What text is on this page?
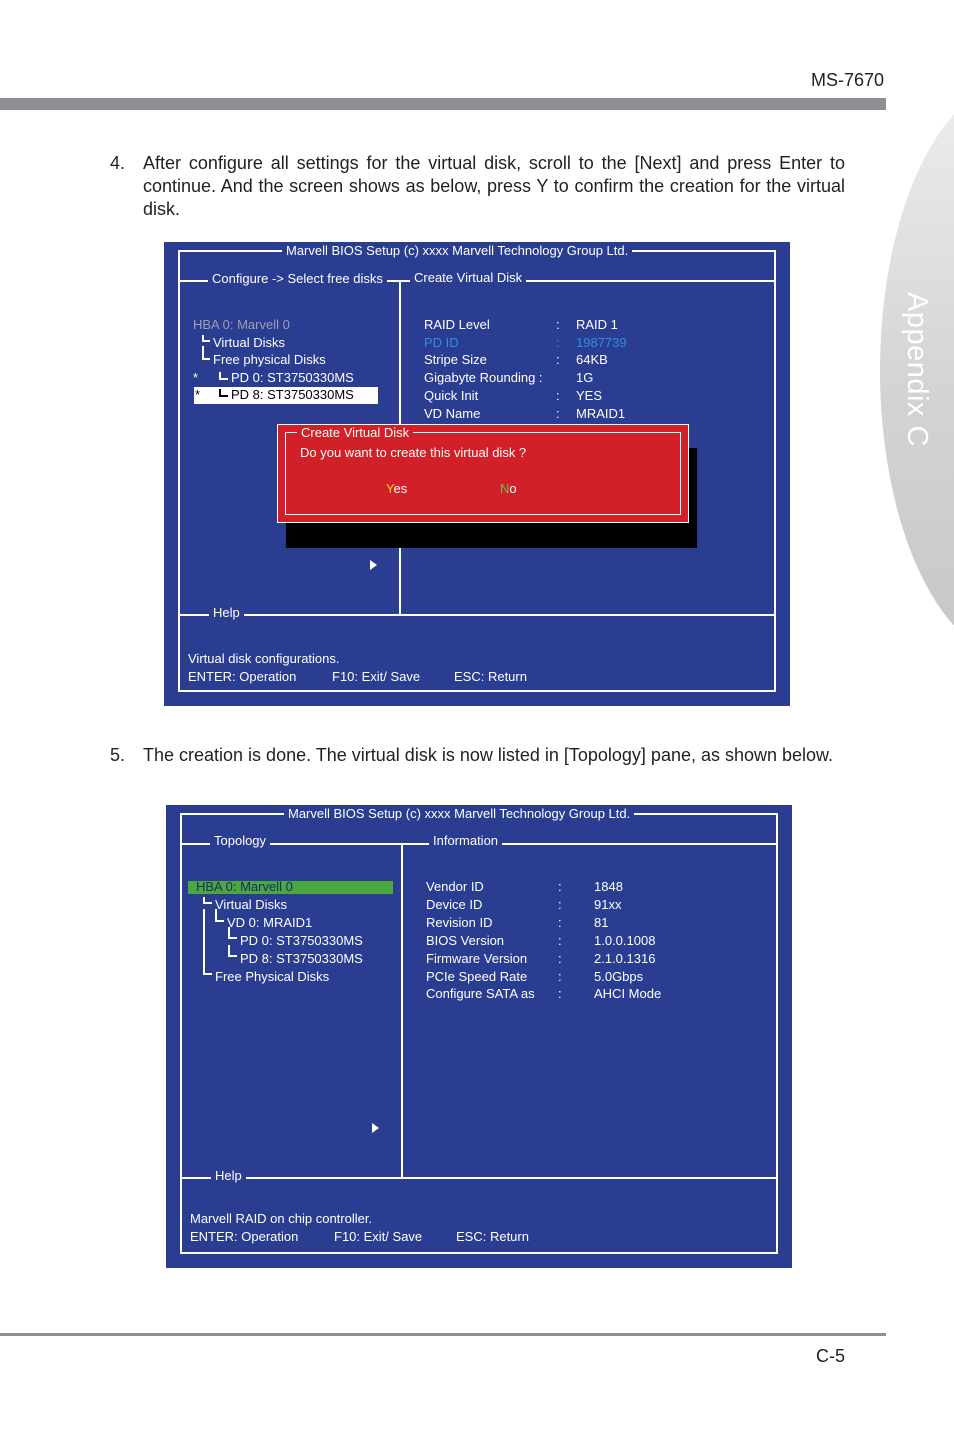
MS-7670
Appendix C
4. After configure all settings for the virtual disk, scroll to the [Next] and press Enter to continue. And the screen shows as below, press Y to confirm the creation for the virtual disk.

Marvell BIOS Setup (c) xxxx Marvell Technology Group Ltd.
Configure -> Select free disks	Create Virtual Disk
Help
HBA 0: Marvell 0
Virtual Disks
Free physical Disks
*	PD 0: ST3750330MS
* PD 8: ST3750330MS
RAID Level	: RAID 1
PD ID	: 1987739
Stripe Size	: 64KB
Gigabyte Rounding :	1G
Quick Init	: YES
VD Name	: MRAID1
Create Virtual Disk
Do you want to create this virtual disk ?
Yes	No
Virtual disk configurations.
ENTER: Operation	F10: Exit/ Save	ESC: Return
5. The creation is done. The virtual disk is now listed in [Topology] pane, as shown below.

Marvell BIOS Setup (c) xxxx Marvell Technology Group Ltd.
Topology	Information
Help
HBA 0: Marvell 0
Virtual Disks
VD 0: MRAID1
PD 0: ST3750330MS
PD 8: ST3750330MS
Free Physical Disks
Vendor ID	: 1848
Device ID	: 91xx
Revision ID	: 81
BIOS Version	: 1.0.0.1008
Firmware Version : 2.1.0.1316
PCIe Speed Rate : 5.0Gbps
Configure SATA as : AHCI Mode
Marvell RAID on chip controller.
ENTER: Operation	F10: Exit/ Save	ESC: Return
C-5
